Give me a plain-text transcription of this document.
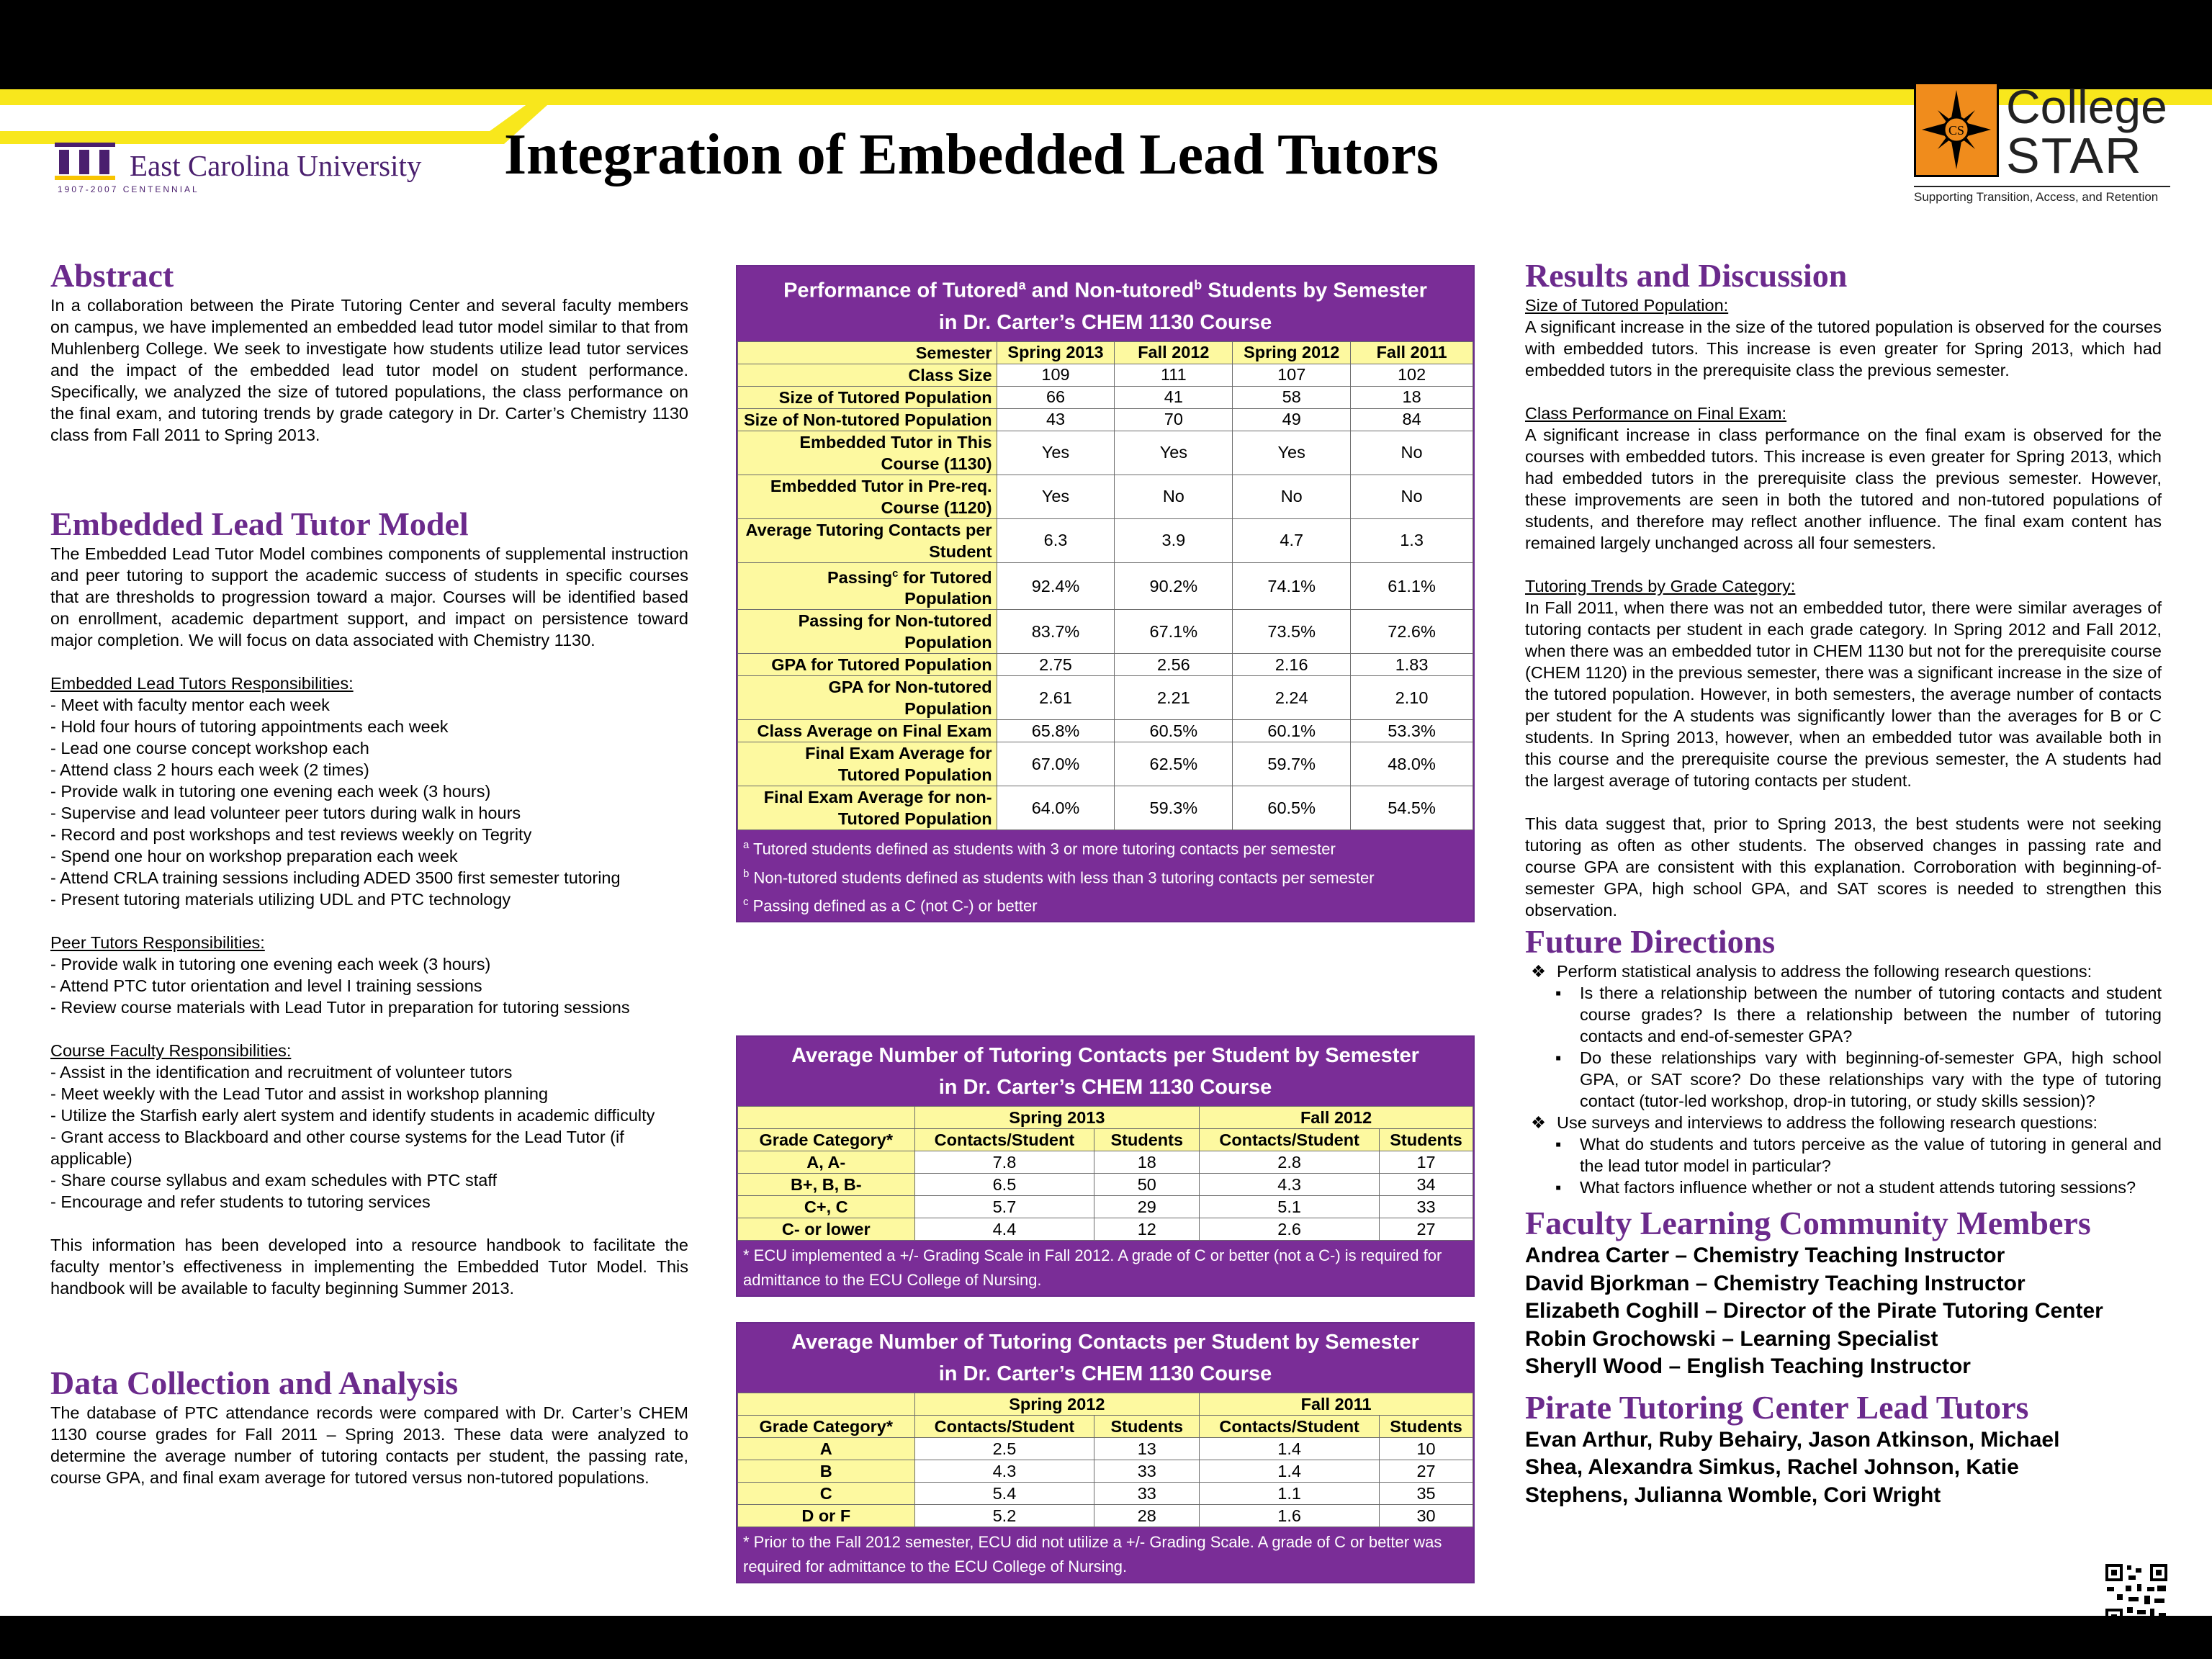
East Carolina University
1907-2007 CENTENNIAL
Integration of Embedded Lead Tutors	CS College
STAR
Supporting Transition, Access, and Retention
Abstract

In a collaboration between the Pirate Tutoring Center and several faculty members on campus, we have implemented an embedded lead tutor model similar to that from Muhlenberg College. We seek to investigate how students utilize lead tutor services and the impact of the embedded lead tutor model on student performance. Specifically, we analyzed the size of tutored populations, the class performance on the final exam, and tutoring trends by grade category in Dr. Carter’s Chemistry 1130 class from Fall 2011 to Spring 2013.

Embedded Lead Tutor Model

The Embedded Lead Tutor Model combines components of supplemental instruction and peer tutoring to support the academic success of students in specific courses that are thresholds to progression toward a major. Courses will be identified based on enrollment, academic department support, and impact on persistence toward major completion. We will focus on data associated with Chemistry 1130.

Embedded Lead Tutors Responsibilities:

- Meet with faculty mentor each week

- Hold four hours of tutoring appointments each week

- Lead one course concept workshop each

- Attend class 2 hours each week (2 times)

- Provide walk in tutoring one evening each week (3 hours)

- Supervise and lead volunteer peer tutors during walk in hours

- Record and post workshops and test reviews weekly on Tegrity

- Spend one hour on workshop preparation each week

- Attend CRLA training sessions including ADED 3500 first semester tutoring

- Present tutoring materials utilizing UDL and PTC technology

Peer Tutors Responsibilities:

- Provide walk in tutoring one evening each week (3 hours)

- Attend PTC tutor orientation and level I training sessions

- Review course materials with Lead Tutor in preparation for tutoring sessions

Course Faculty Responsibilities:

- Assist in the identification and recruitment of volunteer tutors

- Meet weekly with the Lead Tutor and assist in workshop planning

- Utilize the Starfish early alert system and identify students in academic difficulty

- Grant access to Blackboard and other course systems for the Lead Tutor (if applicable)

- Share course syllabus and exam schedules with PTC staff

- Encourage and refer students to tutoring services

This information has been developed into a resource handbook to facilitate the faculty mentor’s effectiveness in implementing the Embedded Tutor Model. This handbook will be available to faculty beginning Summer 2013.

Data Collection and Analysis

The database of PTC attendance records were compared with Dr. Carter’s CHEM 1130 course grades for Fall 2011 – Spring 2013. These data were analyzed to determine the average number of tutoring contacts per student, the passing rate, course GPA, and final exam average for tutored versus non-tutored populations.

Performance of Tutored$^a$ and Non-tutored$^b$ Students by Semester
in Dr. Carter’s CHEM 1130 Course
Semester	Spring 2013	Fall 2012	Spring 2012	Fall 2011
Class Size	109	111	107	102
Size of Tutored Population	66	41	58	18
Size of Non-tutored Population	43	70	49	84
Embedded Tutor in This Course (1130)	Yes	Yes	Yes	No
Embedded Tutor in Pre-req. Course (1120)	Yes	No	No	No
Average Tutoring Contacts per Student	6.3	3.9	4.7	1.3
Passing$^c$ for Tutored Population	92.4%	90.2%	74.1%	61.1%
Passing for Non-tutored Population	83.7%	67.1%	73.5%	72.6%
GPA for Tutored Population	2.75	2.56	2.16	1.83
GPA for Non-tutored Population	2.61	2.21	2.24	2.10
Class Average on Final Exam	65.8%	60.5%	60.1%	53.3%
Final Exam Average for Tutored Population	67.0%	62.5%	59.7%	48.0%
Final Exam Average for non-Tutored Population	64.0%	59.3%	60.5%	54.5%
$^a$ Tutored students defined as students with 3 or more tutoring contacts per semester
$^b$ Non-tutored students defined as students with less than 3 tutoring contacts per semester
$^c$ Passing defined as a C (not C-) or better
Average Number of Tutoring Contacts per Student by Semester
in Dr. Carter’s CHEM 1130 Course
	Spring 2013		Fall 2012	
Grade Category*	Contacts/Student	Students	Contacts/Student	Students
A, A-	7.8	18	2.8	17
B+, B, B-	6.5	50	4.3	34
C+, C	5.7	29	5.1	33
C- or lower	4.4	12	2.6	27
* ECU implemented a +/- Grading Scale in Fall 2012. A grade of C or better (not a C-) is required for admittance to the ECU College of Nursing.
Average Number of Tutoring Contacts per Student by Semester
in Dr. Carter’s CHEM 1130 Course
	Spring 2012		Fall 2011	
Grade Category*	Contacts/Student	Students	Contacts/Student	Students
A	2.5	13	1.4	10
B	4.3	33	1.4	27
C	5.4	33	1.1	35
D or F	5.2	28	1.6	30
* Prior to the Fall 2012 semester, ECU did not utilize a +/- Grading Scale. A grade of C or better was required for admittance to the ECU College of Nursing.
Results and Discussion

Size of Tutored Population:

A significant increase in the size of the tutored population is observed for the courses with embedded tutors. This increase is even greater for Spring 2013, which had embedded tutors in the prerequisite class the previous semester.

Class Performance on Final Exam:

A significant increase in class performance on the final exam is observed for the courses with embedded tutors. This increase is even greater for Spring 2013, which had embedded tutors in the prerequisite class the previous semester. However, these improvements are seen in both the tutored and non-tutored populations of students, and therefore may reflect another influence. The final exam content has remained largely unchanged across all four semesters.

Tutoring Trends by Grade Category:

In Fall 2011, when there was not an embedded tutor, there were similar averages of tutoring contacts per student in each grade category. In Spring 2012 and Fall 2012, when there was an embedded tutor in CHEM 1130 but not for the prerequisite course (CHEM 1120) in the previous semester, there was a significant increase in the size of the tutored population. However, in both semesters, the average number of contacts per student for the A students was significantly lower than the averages for B or C students. In Spring 2013, however, when an embedded tutor was available both in this course and the prerequisite course the previous semester, the A students had the largest average of tutoring contacts per student.

This data suggest that, prior to Spring 2013, the best students were not seeking tutoring as often as other students. The observed changes in passing rate and course GPA are consistent with this explanation. Corroboration with beginning-of-semester GPA, high school GPA, and SAT scores is needed to strengthen this observation.

Future Directions
❖ Perform statistical analysis to address the following research questions:
▪ Is there a relationship between the number of tutoring contacts and student course grades? Is there a relationship between the number of tutoring contacts and end-of-semester GPA?
▪ Do these relationships vary with beginning-of-semester GPA, high school GPA, or SAT score? Do these relationships vary with the type of tutoring contact (tutor-led workshop, drop-in tutoring, or study skills session)?
❖ Use surveys and interviews to address the following research questions:
▪ What do students and tutors perceive as the value of tutoring in general and the lead tutor model in particular?
▪ What factors influence whether or not a student attends tutoring sessions?
Faculty Learning Community Members
Andrea Carter – Chemistry Teaching Instructor
David Bjorkman – Chemistry Teaching Instructor
Elizabeth Coghill – Director of the Pirate Tutoring Center
Robin Grochowski – Learning Specialist
Sheryll Wood – English Teaching Instructor
Pirate Tutoring Center Lead Tutors
Evan Arthur, Ruby Behairy, Jason Atkinson, Michael
Shea, Alexandra Simkus, Rachel Johnson, Katie
Stephens, Julianna Womble, Cori Wright
